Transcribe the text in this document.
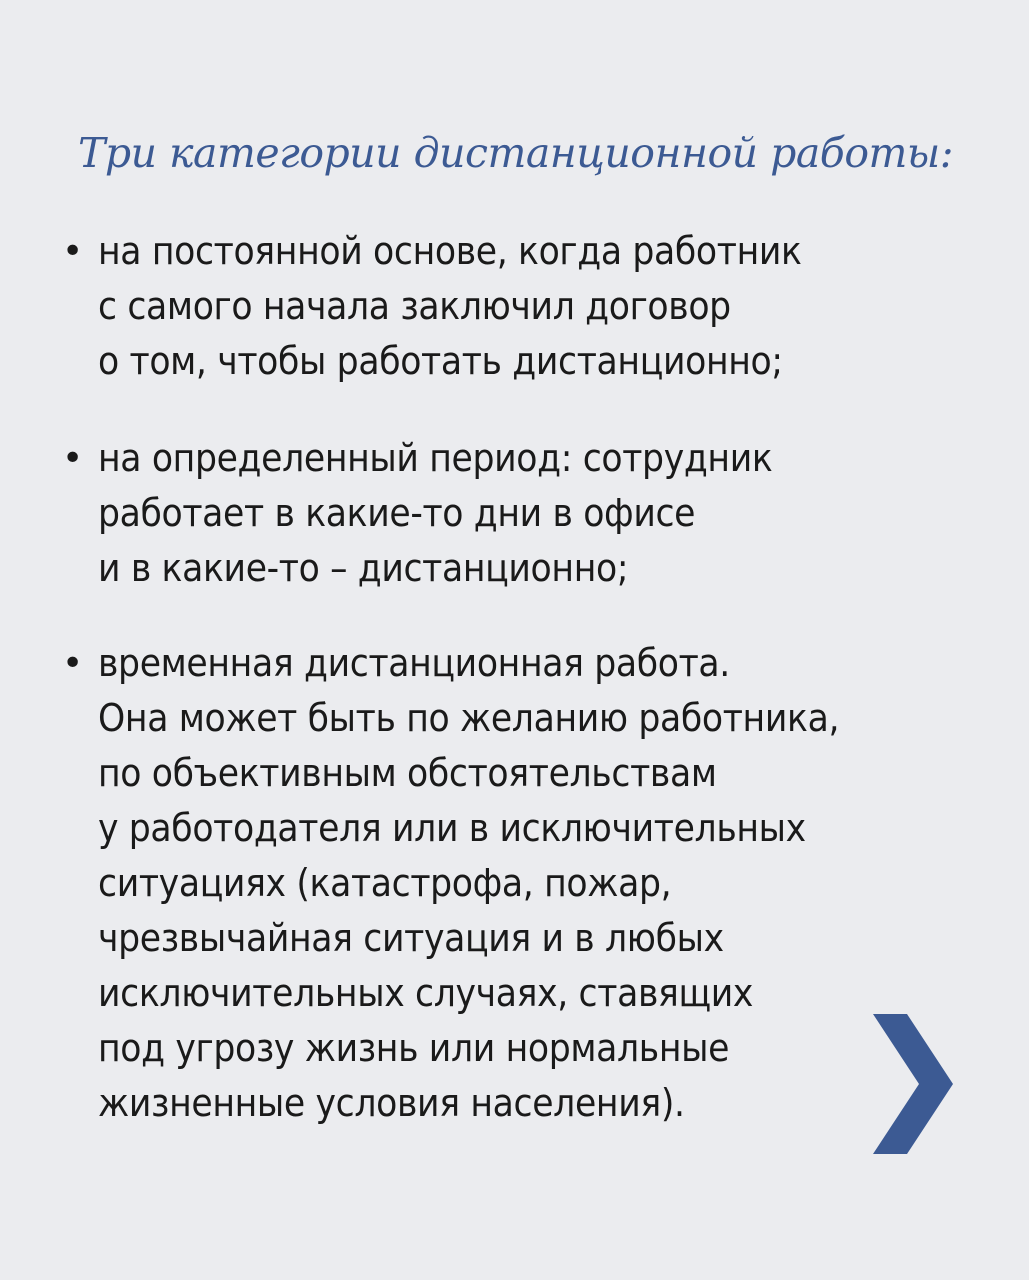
Три категории дистанционной работы:
• на постоянной основе, когда работник
с самого начала заключил договор
о том, чтобы работать дистанционно;
• на определенный период: сотрудник
работает в какие-то дни в офисе
и в какие-то – дистанционно;
• временная дистанционная работа.
Она может быть по желанию работника,
по объективным обстоятельствам
у работодателя или в исключительных
ситуациях (катастрофа, пожар,
чрезвычайная ситуация и в любых
исключительных случаях, ставящих
под угрозу жизнь или нормальные
жизненные условия населения).
